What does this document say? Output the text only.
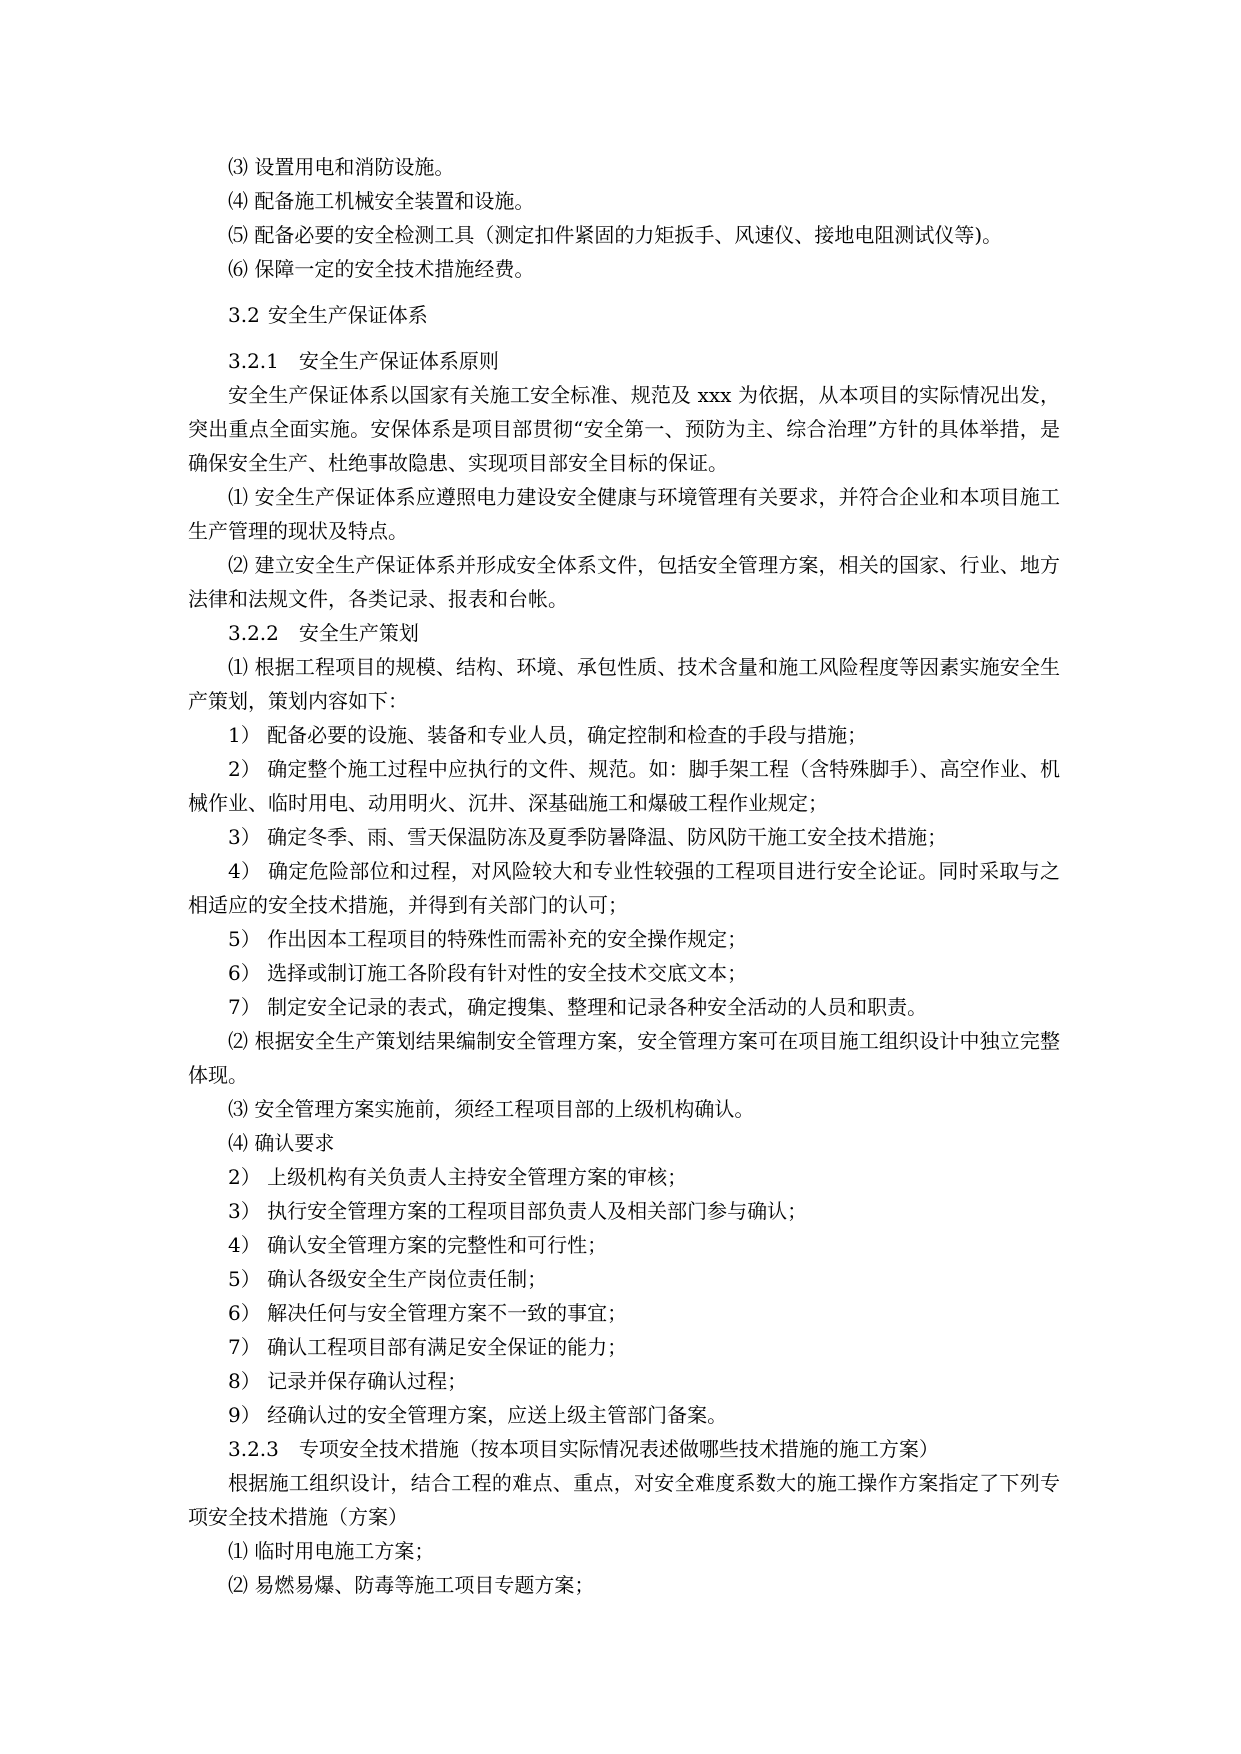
⑶ 设置用电和消防设施。

⑷ 配备施工机械安全装置和设施。

⑸ 配备必要的安全检测工具（测定扣件紧固的力矩扳手、风速仪、接地电阻测试仪等)。

⑹ 保障一定的安全技术措施经费。

3.2 安全生产保证体系

3.2.1 安全生产保证体系原则

安全生产保证体系以国家有关施工安全标准、规范及 xxx 为依据，从本项目的实际情况出发，突出重点全面实施。安保体系是项目部贯彻“安全第一、预防为主、综合治理”方针的具体举措，是确保安全生产、杜绝事故隐患、实现项目部安全目标的保证。

⑴ 安全生产保证体系应遵照电力建设安全健康与环境管理有关要求，并符合企业和本项目施工生产管理的现状及特点。

⑵ 建立安全生产保证体系并形成安全体系文件，包括安全管理方案，相关的国家、行业、地方法律和法规文件，各类记录、报表和台帐。

3.2.2 安全生产策划

⑴ 根据工程项目的规模、结构、环境、承包性质、技术含量和施工风险程度等因素实施安全生产策划，策划内容如下：

1） 配备必要的设施、装备和专业人员，确定控制和检查的手段与措施；

2） 确定整个施工过程中应执行的文件、规范。如：脚手架工程（含特殊脚手）、高空作业、机械作业、临时用电、动用明火、沉井、深基础施工和爆破工程作业规定；

3） 确定冬季、雨、雪天保温防冻及夏季防暑降温、防风防干施工安全技术措施；

4） 确定危险部位和过程，对风险较大和专业性较强的工程项目进行安全论证。同时采取与之相适应的安全技术措施，并得到有关部门的认可；

5） 作出因本工程项目的特殊性而需补充的安全操作规定；

6） 选择或制订施工各阶段有针对性的安全技术交底文本；

7） 制定安全记录的表式，确定搜集、整理和记录各种安全活动的人员和职责。

⑵ 根据安全生产策划结果编制安全管理方案，安全管理方案可在项目施工组织设计中独立完整体现。

⑶ 安全管理方案实施前，须经工程项目部的上级机构确认。

⑷ 确认要求

2） 上级机构有关负责人主持安全管理方案的审核；

3） 执行安全管理方案的工程项目部负责人及相关部门参与确认；

4） 确认安全管理方案的完整性和可行性；

5） 确认各级安全生产岗位责任制；

6） 解决任何与安全管理方案不一致的事宜；

7） 确认工程项目部有满足安全保证的能力；

8） 记录并保存确认过程；

9） 经确认过的安全管理方案，应送上级主管部门备案。

3.2.3 专项安全技术措施（按本项目实际情况表述做哪些技术措施的施工方案）

根据施工组织设计，结合工程的难点、重点，对安全难度系数大的施工操作方案指定了下列专项安全技术措施（方案）

⑴ 临时用电施工方案；

⑵ 易燃易爆、防毒等施工项目专题方案；
